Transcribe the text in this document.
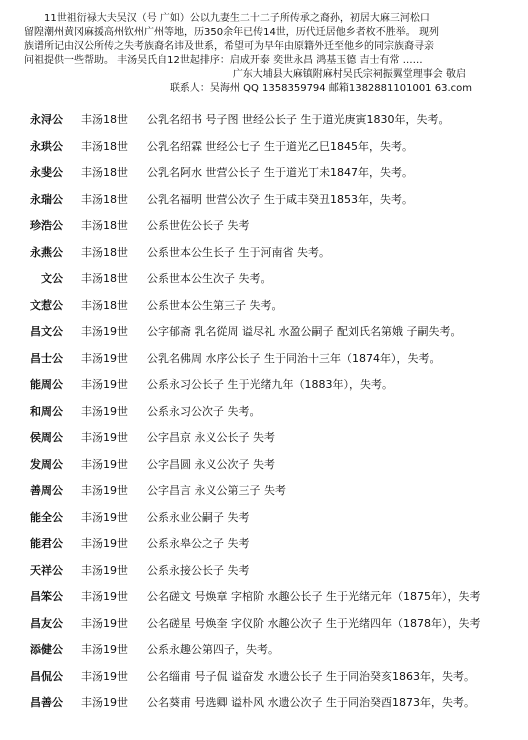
11世祖衍禄大夫吴汉（号 广如）公以九妻生二十二子所传承之裔孙，初居大麻三河松口

留隍潮州黄冈麻援高州钦州广州等地，历350余年已传14世，历代迁居他乡者枚不胜举。 现列

族谱所记由汉公所传之失考族裔名讳及世系，希望可为早年由原籍外迁至他乡的同宗族裔寻亲

问祖提供一些帮助。 丰汤吴氏自12世起排序：启成开泰 奕世永昌 鸿基玉德 吉士有常 ……

广东大埔县大麻镇附麻村吴氏宗祠振翼堂理事会 敬启

联系人：吴海州 QQ 1358359794 邮箱1382881101001 63.com

永浔公	丰汤18世	公乳名绍书 号子图 世经公长子 生于道光庚寅1830年，失考。
永珙公	丰汤18世	公乳名绍霖 世经公七子 生于道光乙巳1845年，失考。
永斐公	丰汤18世	公乳名阿水 世营公长子 生于道光丁未1847年，失考。
永瑞公	丰汤18世	公乳名福明 世营公次子 生于咸丰癸丑1853年，失考。
珍浩公	丰汤18世	公系世佐公长子 失考
永燕公	丰汤18世	公系世本公生长子 生于河南省 失考。
文公	丰汤18世	公系世本公生次子 失考。
文惹公	丰汤18世	公系世本公生第三子 失考。
昌文公	丰汤19世	公字郁斋 乳名從周 谥尽礼 水盈公嗣子 配刘氏名第娥 子嗣失考。
昌士公	丰汤19世	公乳名佛周 水序公长子 生于同治十三年（1874年），失考。
能周公	丰汤19世	公系永习公长子 生于光绪九年（1883年），失考。
和周公	丰汤19世	公系永习公次子 失考。
侯周公	丰汤19世	公字昌京 永义公长子 失考
发周公	丰汤19世	公字昌圆 永义公次子 失考
善周公	丰汤19世	公字昌言 永义公第三子 失考
能全公	丰汤19世	公系永业公嗣子 失考
能君公	丰汤19世	公系永皋公之子 失考
天祥公	丰汤19世	公系永接公长子 失考
昌笨公	丰汤19世	公名磋文 号焕章 字棺阶 水趣公长子 生于光绪元年（1875年），失考
昌友公	丰汤19世	公名磋星 号焕奎 字仪阶 水趣公次子 生于光绪四年（1878年），失考
添健公	丰汤19世	公系永趣公第四子，失考。
昌侃公	丰汤19世	公名缁甫 号子侃 谥奋发 水遗公长子 生于同治癸亥1863年，失考。
昌善公	丰汤19世	公名葵甫 号选卿 谥朴风 水遗公次子 生于同治癸酉1873年，失考。
